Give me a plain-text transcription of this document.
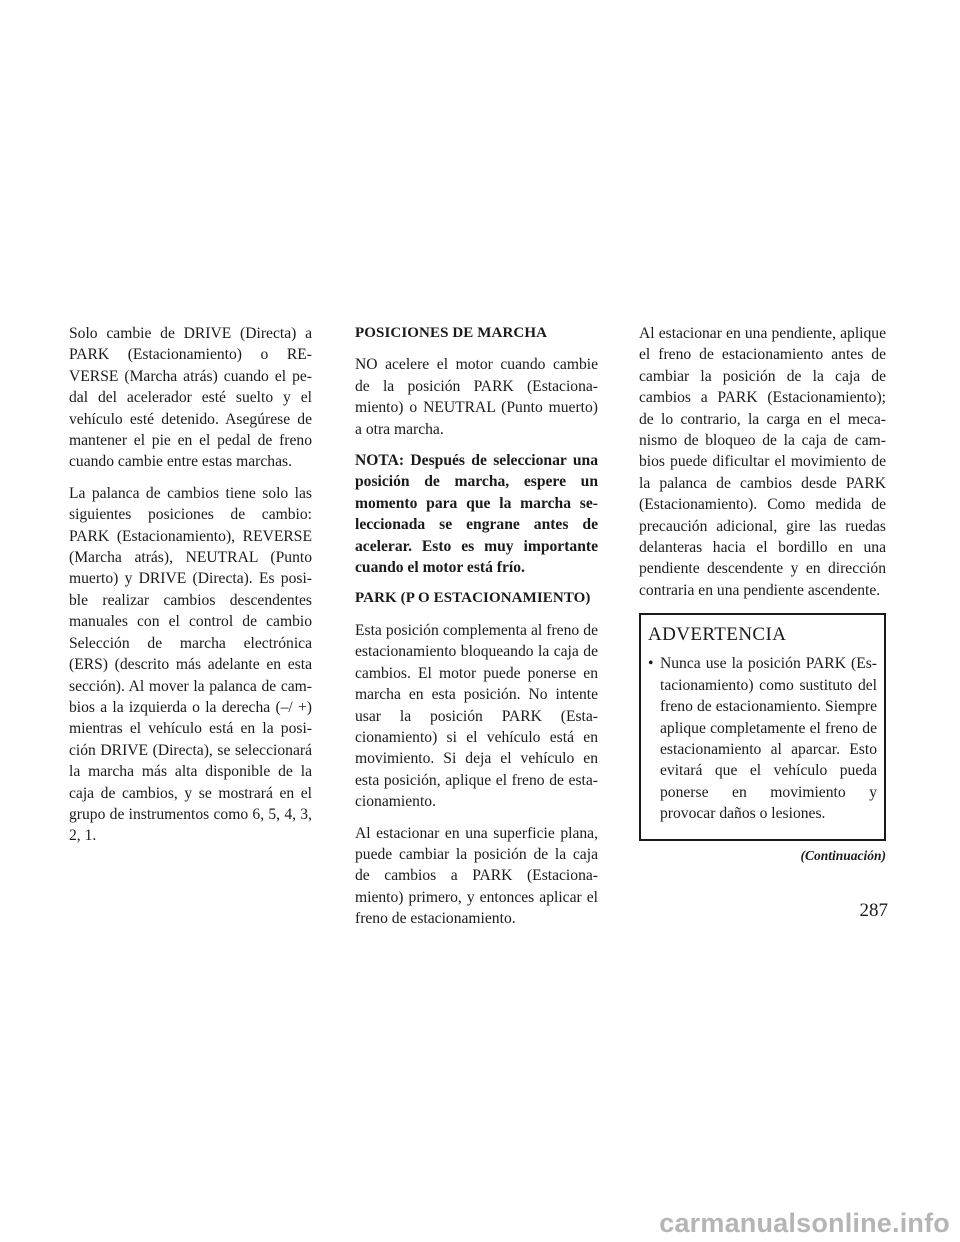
Solo cambie de DRIVE (Directa) a PARK (Estacionamiento) o REVERSE (Marcha atrás) cuando el pedal del acelerador esté suelto y el vehículo esté detenido. Asegúrese de mantener el pie en el pedal de freno cuando cambie entre estas marchas.

La palanca de cambios tiene solo las siguientes posiciones de cambio: PARK (Estacionamiento), REVERSE (Marcha atrás), NEUTRAL (Punto muerto) y DRIVE (Directa). Es posible realizar cambios descendentes manuales con el control de cambio Selección de marcha electrónica (ERS) (descrito más adelante en esta sección). Al mover la palanca de cambios a la izquierda o la derecha (–/ +) mientras el vehículo está en la posición DRIVE (Directa), se seleccionará la marcha más alta disponible de la caja de cambios, y se mostrará en el grupo de instrumentos como 6, 5, 4, 3, 2, 1.

POSICIONES DE MARCHA

NO acelere el motor cuando cambie de la posición PARK (Estacionamiento) o NEUTRAL (Punto muerto) a otra marcha.

NOTA: Después de seleccionar una posición de marcha, espere un momento para que la marcha seleccionada se engrane antes de acelerar. Esto es muy importante cuando el motor está frío.

PARK (P O ESTACIONAMIENTO)

Esta posición complementa al freno de estacionamiento bloqueando la caja de cambios. El motor puede ponerse en marcha en esta posición. No intente usar la posición PARK (Estacionamiento) si el vehículo está en movimiento. Si deja el vehículo en esta posición, aplique el freno de estacionamiento.

Al estacionar en una superficie plana, puede cambiar la posición de la caja de cambios a PARK (Estacionamiento) primero, y entonces aplicar el freno de estacionamiento.

Al estacionar en una pendiente, aplique el freno de estacionamiento antes de cambiar la posición de la caja de cambios a PARK (Estacionamiento); de lo contrario, la carga en el mecanismo de bloqueo de la caja de cambios puede dificultar el movimiento de la palanca de cambios desde PARK (Estacionamiento). Como medida de precaución adicional, gire las ruedas delanteras hacia el bordillo en una pendiente descendente y en dirección contraria en una pendiente ascendente.

ADVERTENCIA
• Nunca use la posición PARK (Estacionamiento) como sustituto del freno de estacionamiento. Siempre aplique completamente el freno de estacionamiento al aparcar. Esto evitará que el vehículo pueda ponerse en movimiento y provocar daños o lesiones.
(Continuación)
287
carmanualsonline.info
